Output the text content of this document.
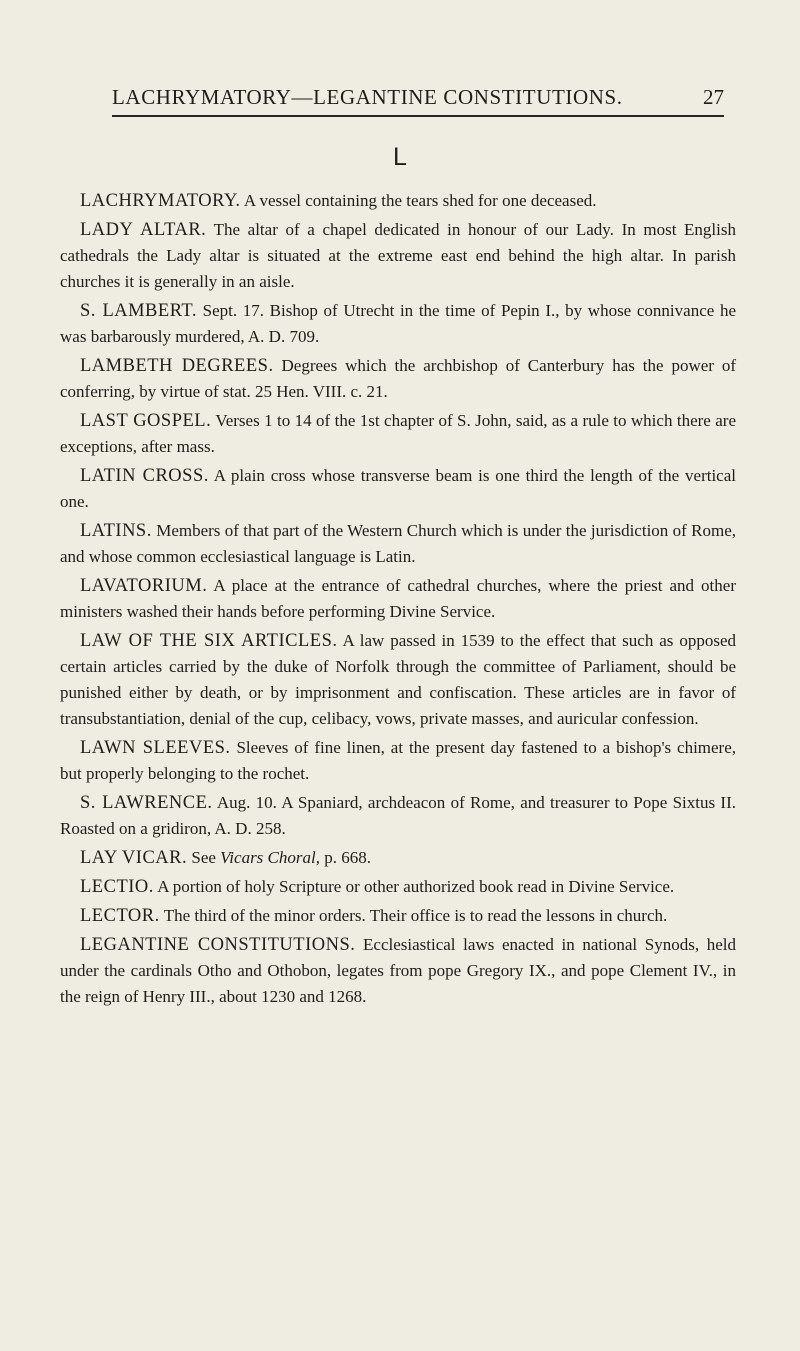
LACHRYMATORY—LEGANTINE CONSTITUTIONS.	27
L

LACHRYMATORY. A vessel containing the tears shed for one deceased.

LADY ALTAR. The altar of a chapel dedicated in honour of our Lady. In most English cathedrals the Lady altar is situated at the extreme east end behind the high altar. In parish churches it is generally in an aisle.

S. LAMBERT. Sept. 17. Bishop of Utrecht in the time of Pepin I., by whose connivance he was barbarously murdered, A. D. 709.

LAMBETH DEGREES. Degrees which the archbishop of Canterbury has the power of conferring, by virtue of stat. 25 Hen. VIII. c. 21.

LAST GOSPEL. Verses 1 to 14 of the 1st chapter of S. John, said, as a rule to which there are exceptions, after mass.

LATIN CROSS. A plain cross whose transverse beam is one third the length of the vertical one.

LATINS. Members of that part of the Western Church which is under the jurisdiction of Rome, and whose common ecclesiastical language is Latin.

LAVATORIUM. A place at the entrance of cathedral churches, where the priest and other ministers washed their hands before performing Divine Service.

LAW OF THE SIX ARTICLES. A law passed in 1539 to the effect that such as opposed certain articles carried by the duke of Norfolk through the committee of Parliament, should be punished either by death, or by imprisonment and confiscation. These articles are in favor of transubstantiation, denial of the cup, celibacy, vows, private masses, and auricular confession.

LAWN SLEEVES. Sleeves of fine linen, at the present day fastened to a bishop's chimere, but properly belonging to the rochet.

S. LAWRENCE. Aug. 10. A Spaniard, archdeacon of Rome, and treasurer to Pope Sixtus II. Roasted on a gridiron, A. D. 258.

LAY VICAR. See Vicars Choral, p. 668.

LECTIO. A portion of holy Scripture or other authorized book read in Divine Service.

LECTOR. The third of the minor orders. Their office is to read the lessons in church.

LEGANTINE CONSTITUTIONS. Ecclesiastical laws enacted in national Synods, held under the cardinals Otho and Othobon, legates from pope Gregory IX., and pope Clement IV., in the reign of Henry III., about 1230 and 1268.
